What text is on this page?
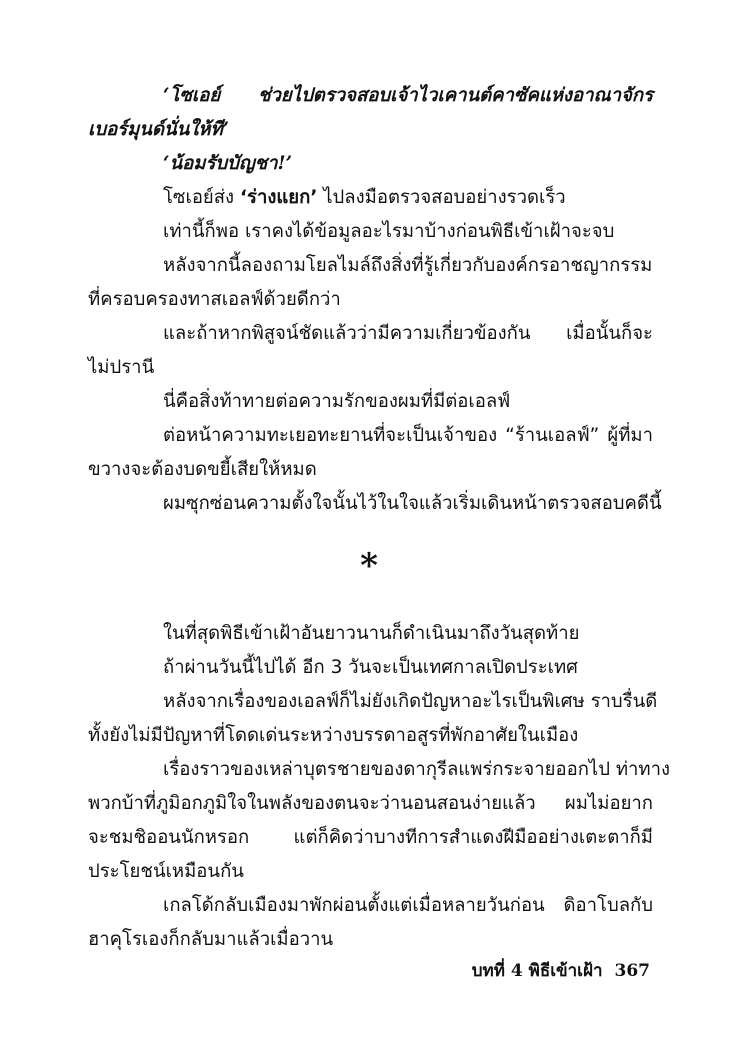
‘โซเอย์ ช่วยไปตรวจสอบเจ้าไวเคานต์คาซัคแห่งอาณาจักร
เบอร์มุนด์นั่นให้ที’
‘น้อมรับบัญชา!’
โซเอย์ส่ง ‘ร่างแยก’ ไปลงมือตรวจสอบอย่างรวดเร็ว
เท่านี้ก็พอ เราคงได้ข้อมูลอะไรมาบ้างก่อนพิธีเข้าเฝ้าจะจบ
หลังจากนี้ลองถามโยลไมล์ถึงสิ่งที่รู้เกี่ยวกับองค์กรอาชญากรรม
ที่ครอบครองทาสเอลฟ์ด้วยดีกว่า
และถ้าหากพิสูจน์ชัดแล้วว่ามีความเกี่ยวข้องกัน เมื่อนั้นก็จะ
ไม่ปรานี
นี่คือสิ่งท้าทายต่อความรักของผมที่มีต่อเอลฟ์
ต่อหน้าความทะเยอทะยานที่จะเป็นเจ้าของ “ร้านเอลฟ์” ผู้ที่มา
ขวางจะต้องบดขยี้เสียให้หมด
ผมซุกซ่อนความตั้งใจนั้นไว้ในใจแล้วเริ่มเดินหน้าตรวจสอบคดีนี้
*
ในที่สุดพิธีเข้าเฝ้าอันยาวนานก็ดำเนินมาถึงวันสุดท้าย
ถ้าผ่านวันนี้ไปได้ อีก 3 วันจะเป็นเทศกาลเปิดประเทศ
หลังจากเรื่องของเอลฟ์ก็ไม่ยังเกิดปัญหาอะไรเป็นพิเศษ ราบรื่นดี
ทั้งยังไม่มีปัญหาที่โดดเด่นระหว่างบรรดาอสูรที่พักอาศัยในเมือง
เรื่องราวของเหล่าบุตรชายของดากุรีลแพร่กระจายออกไป ท่าทาง
พวกบ้าที่ภูมิอกภูมิใจในพลังของตนจะว่านอนสอนง่ายแล้ว ผมไม่อยาก
จะชมชิออนนักหรอก แต่ก็คิดว่าบางทีการสำแดงฝีมืออย่างเตะตาก็มี
ประโยชน์เหมือนกัน
เกลโด้กลับเมืองมาพักผ่อนตั้งแต่เมื่อหลายวันก่อน ดิอาโบลกับ
ฮาคุโรเองก็กลับมาแล้วเมื่อวาน
บทที่ 4 พิธีเข้าเฝ้า 367
